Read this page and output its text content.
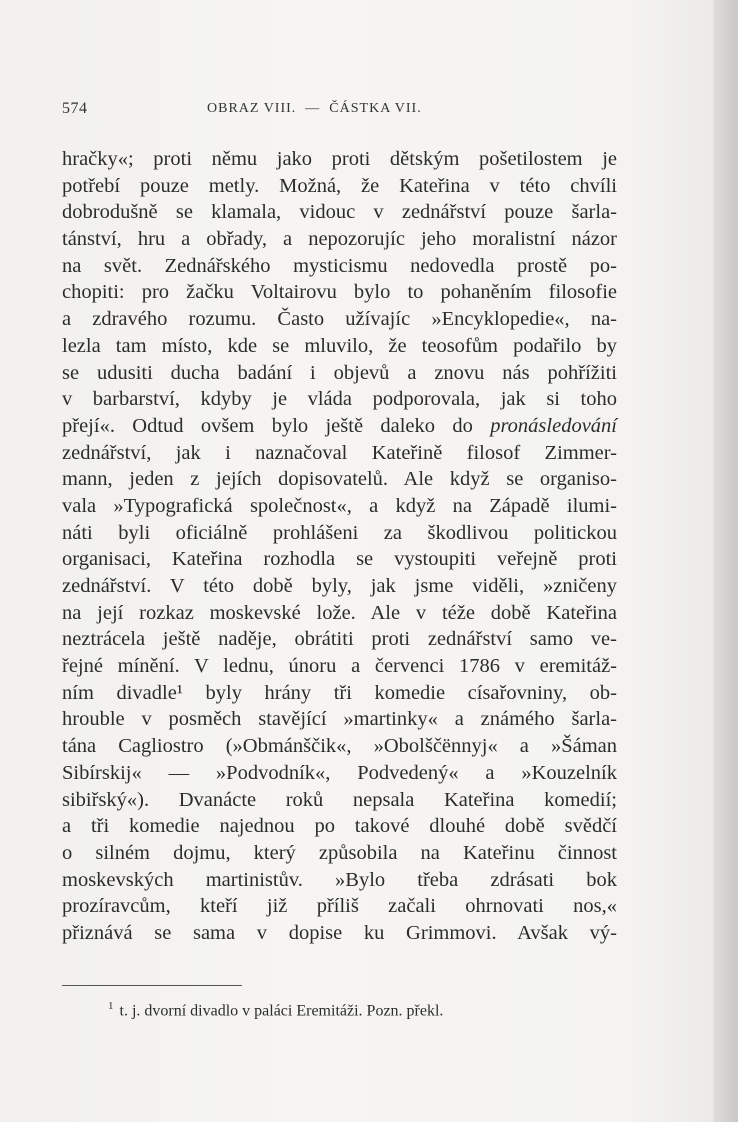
574	OBRAZ VIII.  —  ČÁSTKA VII.
hračky«; proti němu jako proti dětským pošetilostem je
potřebí pouze metly. Možná, že Kateřina v této chvíli
dobrodušně se klamala, vidouc v zednářství pouze šarla-
tánství, hru a obřady, a nepozorujíc jeho moralistní názor
na svět. Zednářského mysticismu nedovedla prostě po-
chopiti: pro žačku Voltairovu bylo to pohaněním filosofie
a zdravého rozumu. Často užívajíc »Encyklopedie«, na-
lezla tam místo, kde se mluvilo, že teosofům podařilo by
se udusiti ducha badání i objevů a znovu nás pohřížiti
v barbarství, kdyby je vláda podporovala, jak si toho
přejí«. Odtud ovšem bylo ještě daleko do pronásledování
zednářství, jak i naznačoval Kateřině filosof Zimmer-
mann, jeden z jejích dopisovatelů. Ale když se organiso-
vala »Typografická společnost«, a když na Západě ilumi-
náti byli oficiálně prohlášeni za škodlivou politickou
organisaci, Kateřina rozhodla se vystoupiti veřejně proti
zednářství. V této době byly, jak jsme viděli, »zničeny
na její rozkaz moskevské lože. Ale v téže době Kateřina
neztrácela ještě naděje, obrátiti proti zednářství samo ve-
řejné mínění. V lednu, únoru a červenci 1786 v eremitáž-
ním divadle¹ byly hrány tři komedie císařovniny, ob-
hrouble v posměch stavějící »martinky« a známého šarla-
tána Cagliostro (»Obmánščik«, »Obolščënnyj« a »Šáman
Sibírskij« — »Podvodník«, Podvedený« a »Kouzelník
sibiřský«). Dvanácte roků nepsala Kateřina komedií;
a tři komedie najednou po takové dlouhé době svědčí
o silném dojmu, který způsobila na Kateřinu činnost
moskevských martinistův. »Bylo třeba zdrásati bok
prozíravcům, kteří již příliš začali ohrnovati nos,«
přiznává se sama v dopise ku Grimmovi. Avšak vý-
$^1$ t. j. dvorní divadlo v paláci Eremitáži. Pozn. překl.
